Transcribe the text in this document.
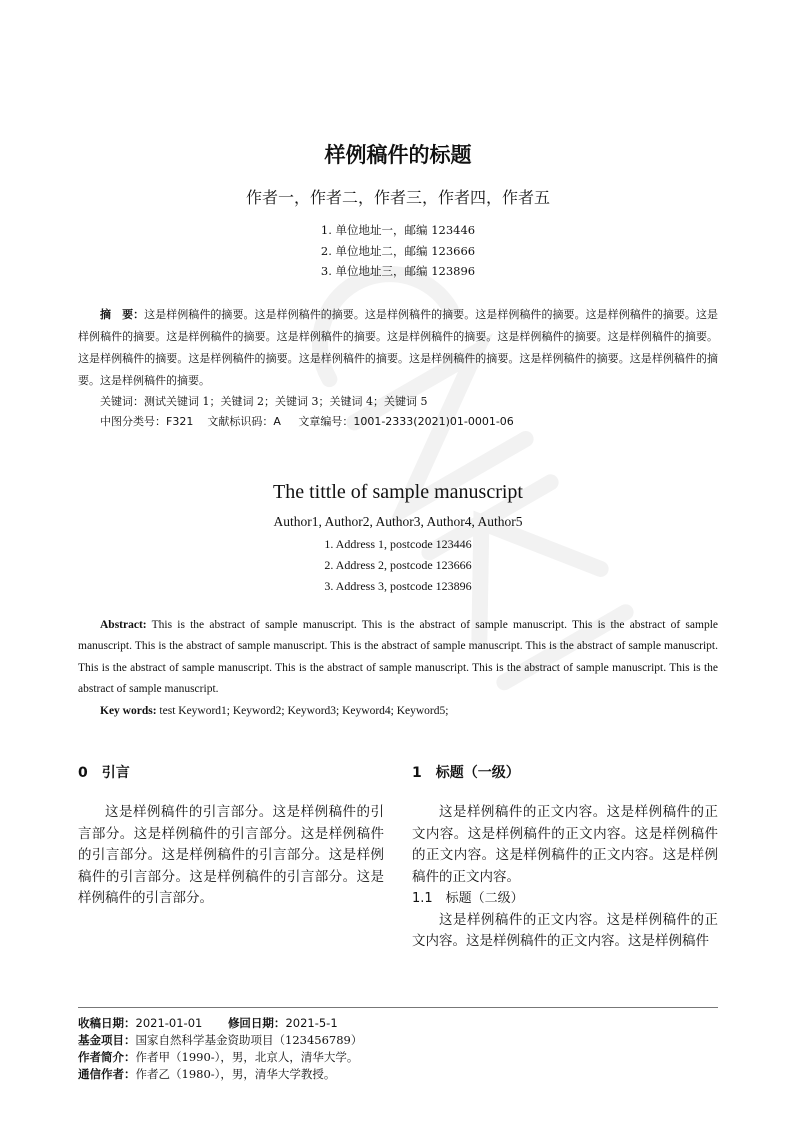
样例稿件的标题
作者一，作者二，作者三，作者四，作者五
1. 单位地址一，邮编 123446
2. 单位地址二，邮编 123666
3. 单位地址三，邮编 123896
摘　要：这是样例稿件的摘要。这是样例稿件的摘要。这是样例稿件的摘要。这是样例稿件的摘要。这是样例稿件的摘要。这是样例稿件的摘要。这是样例稿件的摘要。这是样例稿件的摘要。这是样例稿件的摘要。这是样例稿件的摘要。这是样例稿件的摘要。这是样例稿件的摘要。这是样例稿件的摘要。这是样例稿件的摘要。这是样例稿件的摘要。这是样例稿件的摘要。这是样例稿件的摘要。这是样例稿件的摘要。
关键词：测试关键词 1；关键词 2；关键词 3；关键词 4；关键词 5
中图分类号：F321 文献标识码：A 文章编号：1001-2333(2021)01-0001-06
The tittle of sample manuscript
Author1, Author2, Author3, Author4, Author5
1. Address 1, postcode 123446
2. Address 2, postcode 123666
3. Address 3, postcode 123896
Abstract: This is the abstract of sample manuscript. This is the abstract of sample manuscript. This is the abstract of sample manuscript. This is the abstract of sample manuscript. This is the abstract of sample manuscript. This is the abstract of sample manuscript. This is the abstract of sample manuscript. This is the abstract of sample manuscript. This is the abstract of sample manuscript. This is the abstract of sample manuscript.
Key words: test Keyword1; Keyword2; Keyword3; Keyword4; Keyword5;
0　引言

这是样例稿件的引言部分。这是样例稿件的引言部分。这是样例稿件的引言部分。这是样例稿件的引言部分。这是样例稿件的引言部分。这是样例稿件的引言部分。这是样例稿件的引言部分。这是样例稿件的引言部分。

1　标题（一级）

这是样例稿件的正文内容。这是样例稿件的正文内容。这是样例稿件的正文内容。这是样例稿件的正文内容。这是样例稿件的正文内容。这是样例稿件的正文内容。

1.1　标题（二级）

这是样例稿件的正文内容。这是样例稿件的正文内容。这是样例稿件的正文内容。这是样例稿件

收稿日期：2021-01-01 修回日期：2021-5-1
基金项目：国家自然科学基金资助项目（123456789）
作者简介：作者甲（1990-），男，北京人，清华大学。
通信作者：作者乙（1980-），男，清华大学教授。
